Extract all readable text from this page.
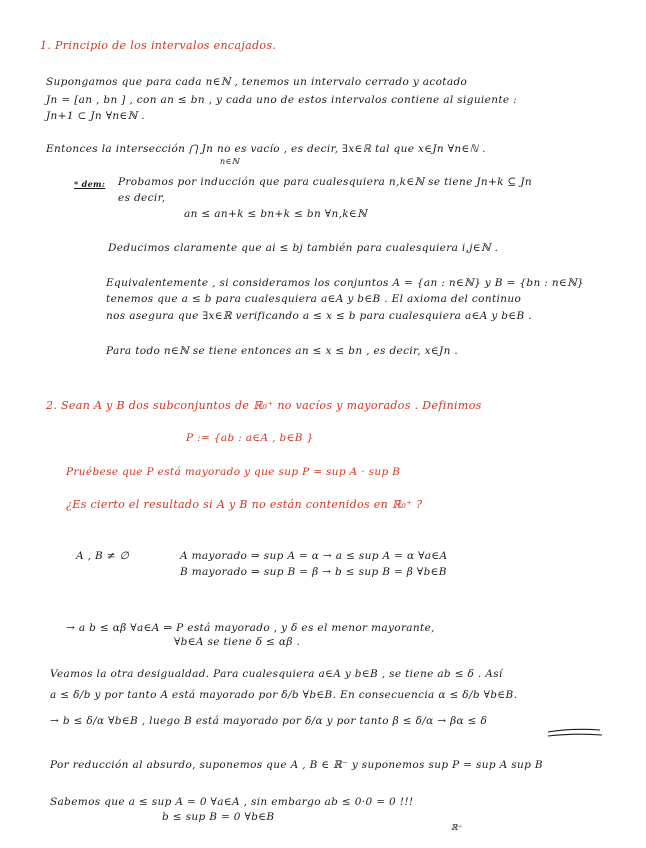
1. Principio de los intervalos encajados.
Supongamos que para cada n∈ℕ , tenemos un intervalo cerrado y acotado
Jn = [an , bn ] , con an ≤ bn , y cada uno de estos intervalos contiene al siguiente :
Jn+1 ⊂ Jn ∀n∈ℕ .
Entonces la intersección ⋂ Jn no es vacío , es decir, ∃x∈ℝ tal que x∈Jn ∀n∈ℕ .
n∈ℕ
* dem: Probamos por inducción que para cualesquiera n,k∈ℕ se tiene Jn+k ⊆ Jn
es decir,
an ≤ an+k ≤ bn+k ≤ bn ∀n,k∈ℕ
Deducimos claramente que ai ≤ bj también para cualesquiera i,j∈ℕ .
Equivalentemente , si consideramos los conjuntos A = {an : n∈ℕ} y B = {bn : n∈ℕ}
tenemos que a ≤ b para cualesquiera a∈A y b∈B . El axioma del continuo
nos asegura que ∃x∈ℝ verificando a ≤ x ≤ b para cualesquiera a∈A y b∈B .
Para todo n∈ℕ se tiene entonces an ≤ x ≤ bn , es decir, x∈Jn .
2. Sean A y B dos subconjuntos de ℝ₀⁺ no vacíos y mayorados . Definimos
P := {ab : a∈A , b∈B }
Pruébese que P está mayorado y que sup P = sup A · sup B
¿Es cierto el resultado si A y B no están contenidos en ℝ₀⁺ ?
A , B ≠ ∅	A mayorado ⇒ sup A = α → a ≤ sup A = α ∀a∈A
B mayorado ⇒ sup B = β → b ≤ sup B = β ∀b∈B
→ a b ≤ αβ ∀a∈A ⇒ P está mayorado , y δ es el menor mayorante,
∀b∈A se tiene δ ≤ αβ .
Veamos la otra desigualdad. Para cualesquiera a∈A y b∈B , se tiene ab ≤ δ . Así
a ≤ δ/b y por tanto A está mayorado por δ/b ∀b∈B. En consecuencia α ≤ δ/b ∀b∈B.
→ b ≤ δ/α ∀b∈B , luego B está mayorado por δ/α y por tanto β ≤ δ/α → βα ≤ δ
Por reducción al absurdo, suponemos que A , B ∈ ℝ⁻ y suponemos sup P = sup A sup B
Sabemos que a ≤ sup A = 0 ∀a∈A , sin embargo ab ≤ 0·0 = 0 !!!
b ≤ sup B = 0 ∀b∈B
ℝ⁺
